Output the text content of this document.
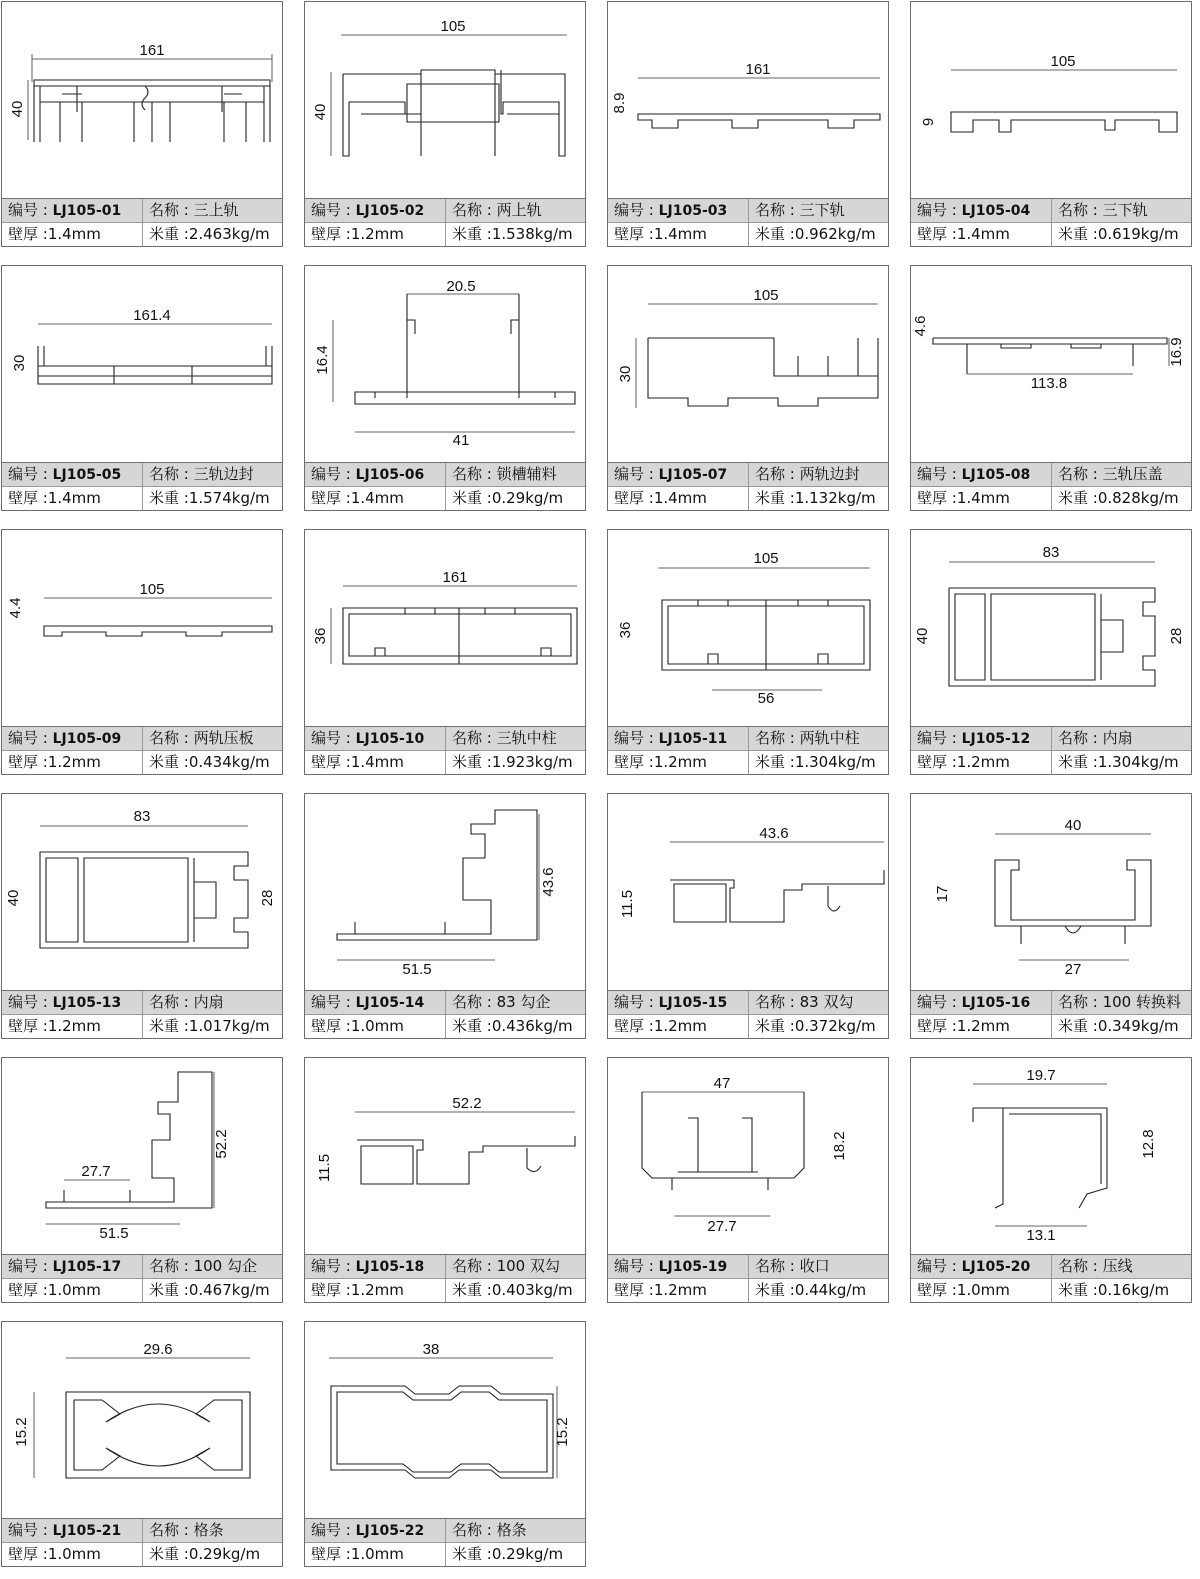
161
40
编号 : LJ105-01	名称 : 三上轨
壁厚 :1.4mm	米重 :2.463kg/m
105
40
编号 : LJ105-02	名称 : 两上轨
壁厚 :1.2mm	米重 :1.538kg/m
161
8.9
编号 : LJ105-03	名称 : 三下轨
壁厚 :1.4mm	米重 :0.962kg/m
105
9
编号 : LJ105-04	名称 : 三下轨
壁厚 :1.4mm	米重 :0.619kg/m
161.4
30
编号 : LJ105-05	名称 : 三轨边封
壁厚 :1.4mm	米重 :1.574kg/m
20.5
16.4
41
编号 : LJ105-06	名称 : 锁槽辅料
壁厚 :1.4mm	米重 :0.29kg/m
105
30
编号 : LJ105-07	名称 : 两轨边封
壁厚 :1.4mm	米重 :1.132kg/m
4.6
16.9
113.8
编号 : LJ105-08	名称 : 三轨压盖
壁厚 :1.4mm	米重 :0.828kg/m
105
4.4
编号 : LJ105-09	名称 : 两轨压板
壁厚 :1.2mm	米重 :0.434kg/m
161
36
编号 : LJ105-10	名称 : 三轨中柱
壁厚 :1.4mm	米重 :1.923kg/m
105
36
56
编号 : LJ105-11	名称 : 两轨中柱
壁厚 :1.2mm	米重 :1.304kg/m
83
40	28
编号 : LJ105-12	名称 : 内扇
壁厚 :1.2mm	米重 :1.304kg/m
83
40	28
编号 : LJ105-13	名称 : 内扇
壁厚 :1.2mm	米重 :1.017kg/m
43.6
51.5
编号 : LJ105-14	名称 : 83 勾企
壁厚 :1.0mm	米重 :0.436kg/m
43.6
11.5
编号 : LJ105-15	名称 : 83 双勾
壁厚 :1.2mm	米重 :0.372kg/m
40
17
27
编号 : LJ105-16	名称 : 100 转换料
壁厚 :1.2mm	米重 :0.349kg/m
52.2
27.7
51.5
编号 : LJ105-17	名称 : 100 勾企
壁厚 :1.0mm	米重 :0.467kg/m
52.2
11.5
编号 : LJ105-18	名称 : 100 双勾
壁厚 :1.2mm	米重 :0.403kg/m
47
18.2
27.7
编号 : LJ105-19	名称 : 收口
壁厚 :1.2mm	米重 :0.44kg/m
19.7
12.8
13.1
编号 : LJ105-20	名称 : 压线
壁厚 :1.0mm	米重 :0.16kg/m
29.6
15.2
编号 : LJ105-21	名称 : 格条
壁厚 :1.0mm	米重 :0.29kg/m
38
15.2
编号 : LJ105-22	名称 : 格条
壁厚 :1.0mm	米重 :0.29kg/m
